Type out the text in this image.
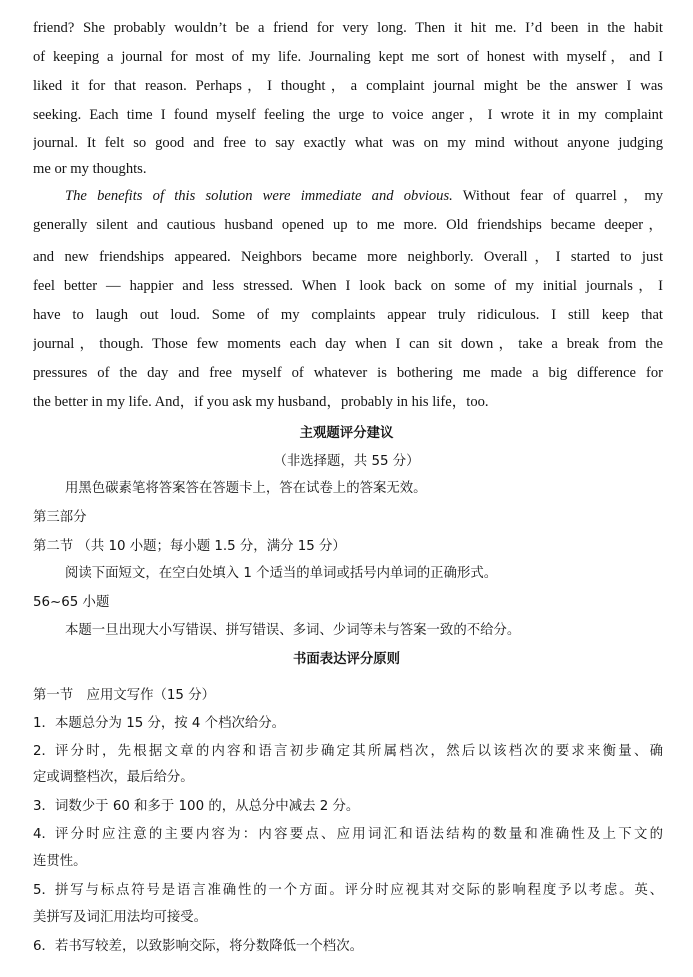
friend? She probably wouldn’t be a friend for very long. Then it hit me. I’d been in the habit
of keeping a journal for most of my life. Journaling kept me sort of honest with myself，and I
liked it for that reason. Perhaps，I thought，a complaint journal might be the answer I was
seeking. Each time I found myself feeling the urge to voice anger，I wrote it in my complaint
journal. It felt so good and free to say exactly what was on my mind without anyone judging
me or my thoughts.
The benefits of this solution were immediate and obvious. Without fear of quarrel，my
generally silent and cautious husband opened up to me more. Old friendships became deeper，
and new friendships appeared. Neighbors became more neighborly. Overall，I started to just
feel better — happier and less stressed. When I look back on some of my initial journals，I
have to laugh out loud. Some of my complaints appear truly ridiculous. I still keep that
journal，though. Those few moments each day when I can sit down，take a break from the
pressures of the day and free myself of whatever is bothering me made a big difference for
the better in my life. And，if you ask my husband，probably in his life，too.
主观题评分建议
（非选择题，共 55 分）
用黑色碳素笔将答案答在答题卡上，答在试卷上的答案无效。
第三部分
第二节 （共 10 小题；每小题 1.5 分，满分 15 分）
阅读下面短文，在空白处填入 1 个适当的单词或括号内单词的正确形式。
56~65 小题
本题一旦出现大小写错误、拼写错误、多词、少词等未与答案一致的不给分。
书面表达评分原则
第一节　应用文写作（15 分）
1．本题总分为 15 分，按 4 个档次给分。
2．评分时，先根据文章的内容和语言初步确定其所属档次，然后以该档次的要求来衡量、确
定或调整档次，最后给分。
3．词数少于 60 和多于 100 的，从总分中减去 2 分。
4．评分时应注意的主要内容为：内容要点、应用词汇和语法结构的数量和准确性及上下文的
连贯性。
5．拼写与标点符号是语言准确性的一个方面。评分时应视其对交际的影响程度予以考虑。英、
美拼写及词汇用法均可接受。
6．若书写较差，以致影响交际，将分数降低一个档次。
